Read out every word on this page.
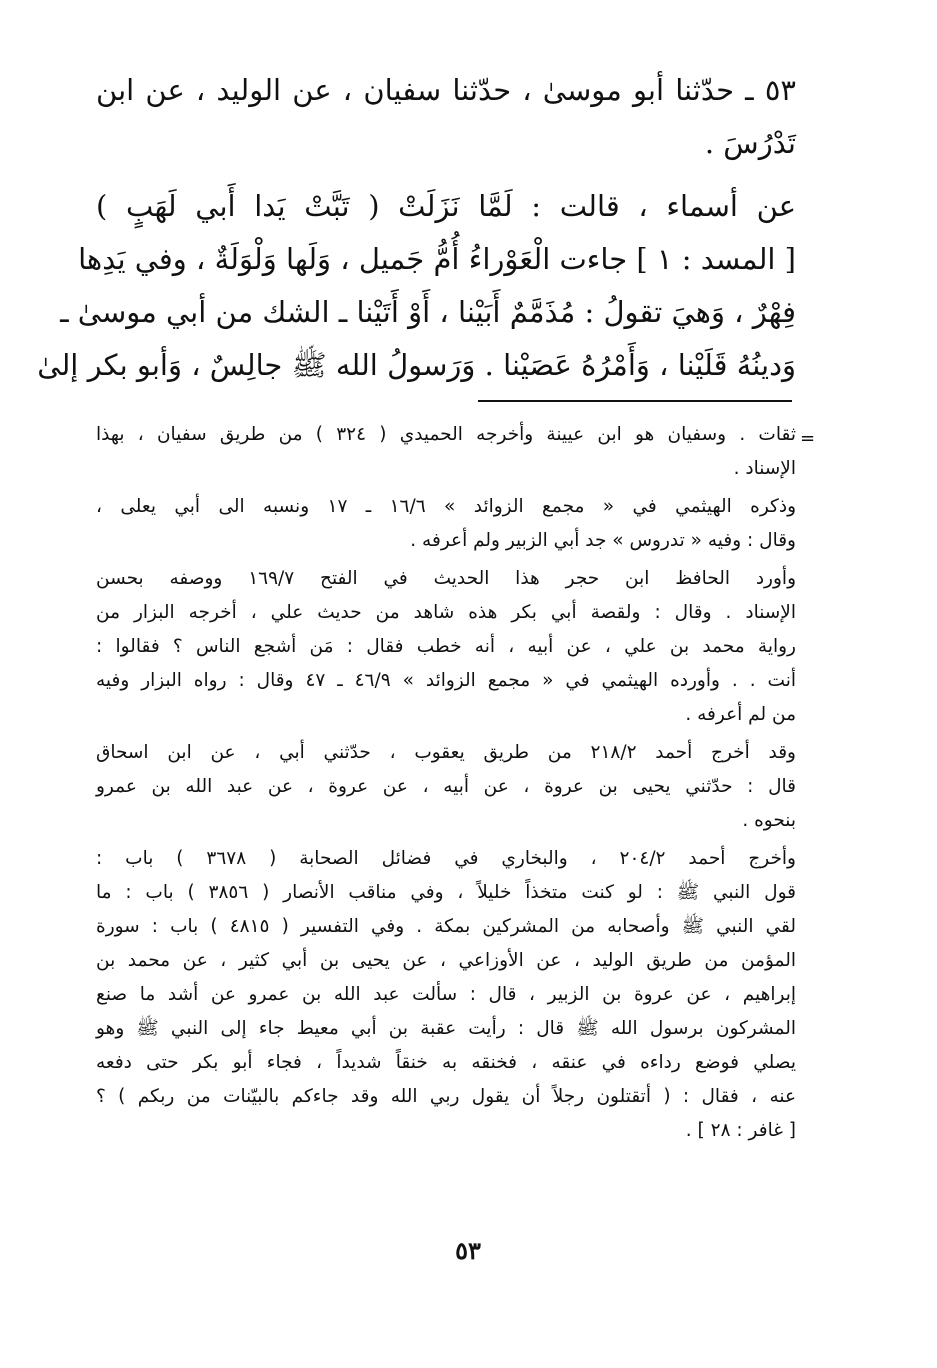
٥٣ ـ حدّثنا أبو موسىٰ ، حدّثنا سفيان ، عن الوليد ، عن ابن
تَدْرُسَ .
عن أسماء ، قالت : لَمَّا نَزَلَتْ ( تَبَّتْ يَدا أَبي لَهَبٍ )
[ المسد : ١ ] جاءت الْعَوْراءُ أُمُّ جَميل ، وَلَها وَلْوَلَةٌ ، وفي يَدِها
فِهْرٌ ، وَهيَ تقولُ : مُذَمَّمٌ أَبَيْنا ، أَوْ أَتَيْنا ـ الشك من أبي موسىٰ ـ
وَدينُهُ قَلَيْنا ، وَأَمْرُهُ عَصَيْنا . وَرَسولُ الله ﷺ جالِسٌ ، وَأبو بكر إلىٰ
=
ثقات . وسفيان هو ابن عيينة وأخرجه الحميدي ( ٣٢٤ ) من طريق سفيان ، بهذا
الإسناد .
وذكره الهيثمي في « مجمع الزوائد » ١٦/٦ ـ ١٧ ونسبه الى أبي يعلى ،
وقال : وفيه « تدروس » جد أبي الزبير ولم أعرفه .
وأورد الحافظ ابن حجر هذا الحديث في الفتح ١٦٩/٧ ووصفه بحسن
الإسناد . وقال : ولقصة أبي بكر هذه شاهد من حديث علي ، أخرجه البزار من
رواية محمد بن علي ، عن أبيه ، أنه خطب فقال : مَن أشجع الناس ؟ فقالوا :
أنت . . وأورده الهيثمي في « مجمع الزوائد » ٤٦/٩ ـ ٤٧ وقال : رواه البزار وفيه
من لم أعرفه .
وقد أخرج أحمد ٢١٨/٢ من طريق يعقوب ، حدّثني أبي ، عن ابن اسحاق
قال : حدّثني يحيى بن عروة ، عن أبيه ، عن عروة ، عن عبد الله بن عمرو
بنحوه .
وأخرج أحمد ٢٠٤/٢ ، والبخاري في فضائل الصحابة ( ٣٦٧٨ ) باب :
قول النبي ﷺ : لو كنت متخذاً خليلاً ، وفي مناقب الأنصار ( ٣٨٥٦ ) باب : ما
لقي النبي ﷺ وأصحابه من المشركين بمكة . وفي التفسير ( ٤٨١٥ ) باب : سورة
المؤمن من طريق الوليد ، عن الأوزاعي ، عن يحيى بن أبي كثير ، عن محمد بن
إبراهيم ، عن عروة بن الزبير ، قال : سألت عبد الله بن عمرو عن أشد ما صنع
المشركون برسول الله ﷺ قال : رأيت عقبة بن أبي معيط جاء إلى النبي ﷺ وهو
يصلي فوضع رداءه في عنقه ، فخنقه به خنقاً شديداً ، فجاء أبو بكر حتى دفعه
عنه ، فقال : ( أتقتلون رجلاً أن يقول ربي الله وقد جاءكم بالبيّنات من ربكم ) ؟
[ غافر : ٢٨ ] .
٥٣
